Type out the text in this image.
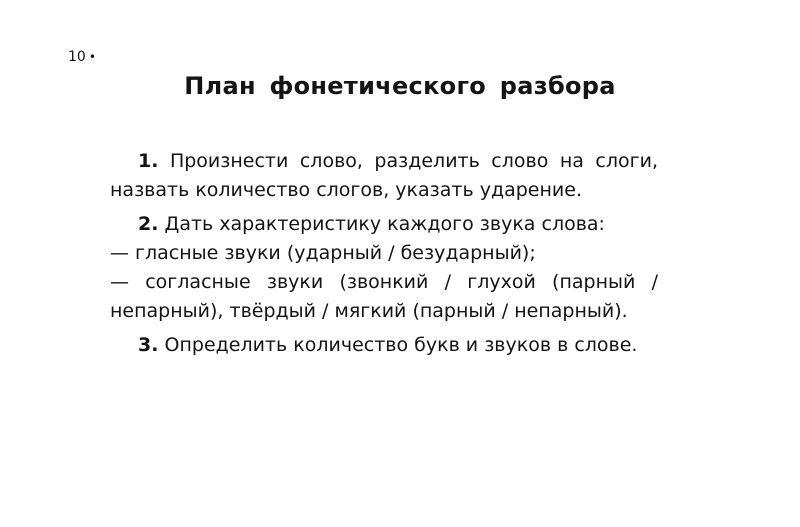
10 •
План фонетического разбора

1. Произнести слово, разделить слово на слоги, назвать количество слогов, указать ударение.

2. Дать характеристику каждого звука слова:
— гласные звуки (ударный / безударный);
— согласные звуки (звонкий / глухой (парный / непарный), твёрдый / мягкий (парный / непарный).

3. Определить количество букв и звуков в слове.
